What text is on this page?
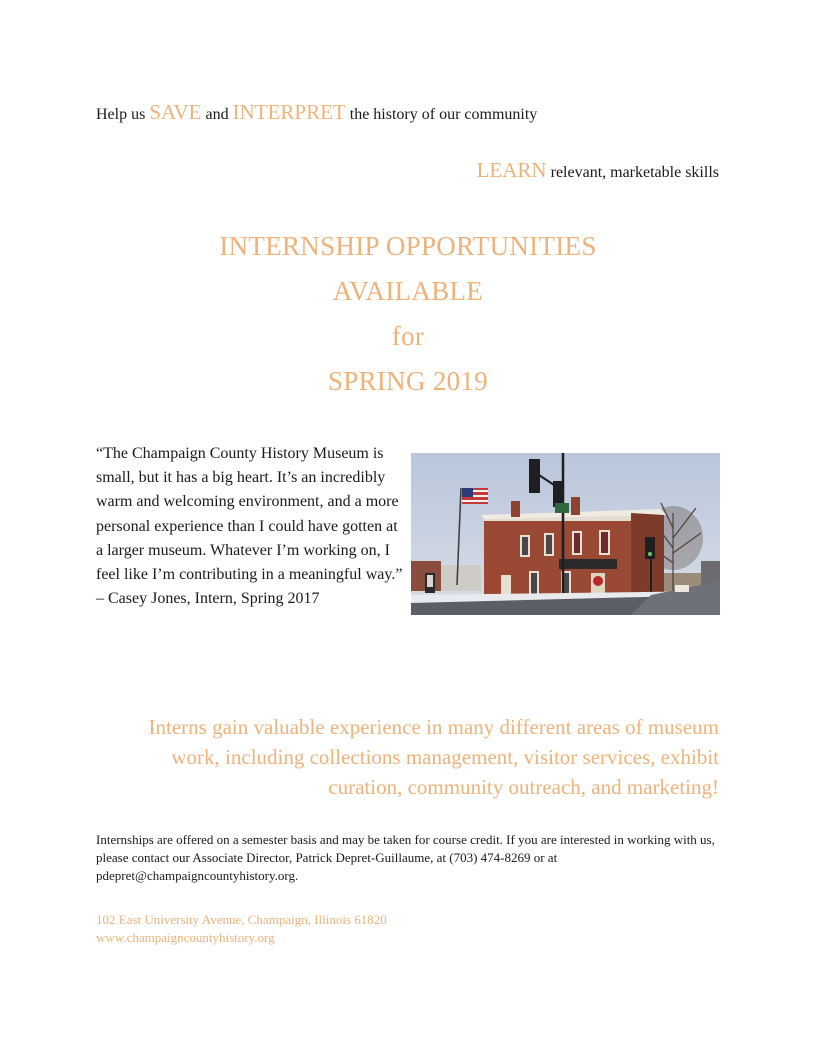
Help us SAVE and INTERPRET the history of our community
LEARN relevant, marketable skills
INTERNSHIP OPPORTUNITIES
AVAILABLE
for
SPRING 2019
“The Champaign County History Museum is small, but it has a big heart. It’s an incredibly warm and welcoming environment, and a more personal experience than I could have gotten at a larger museum. Whatever I’m working on, I feel like I’m contributing in a meaningful way.”
– Casey Jones, Intern, Spring 2017
Interns gain valuable experience in many different areas of museum work, including collections management, visitor services, exhibit curation, community outreach, and marketing!
Internships are offered on a semester basis and may be taken for course credit. If you are interested in working with us, please contact our Associate Director, Patrick Depret-Guillaume, at (703) 474-8269 or at pdepret@champaigncountyhistory.org.
102 East University Avenue, Champaign, Illinois 61820
www.champaigncountyhistory.org
